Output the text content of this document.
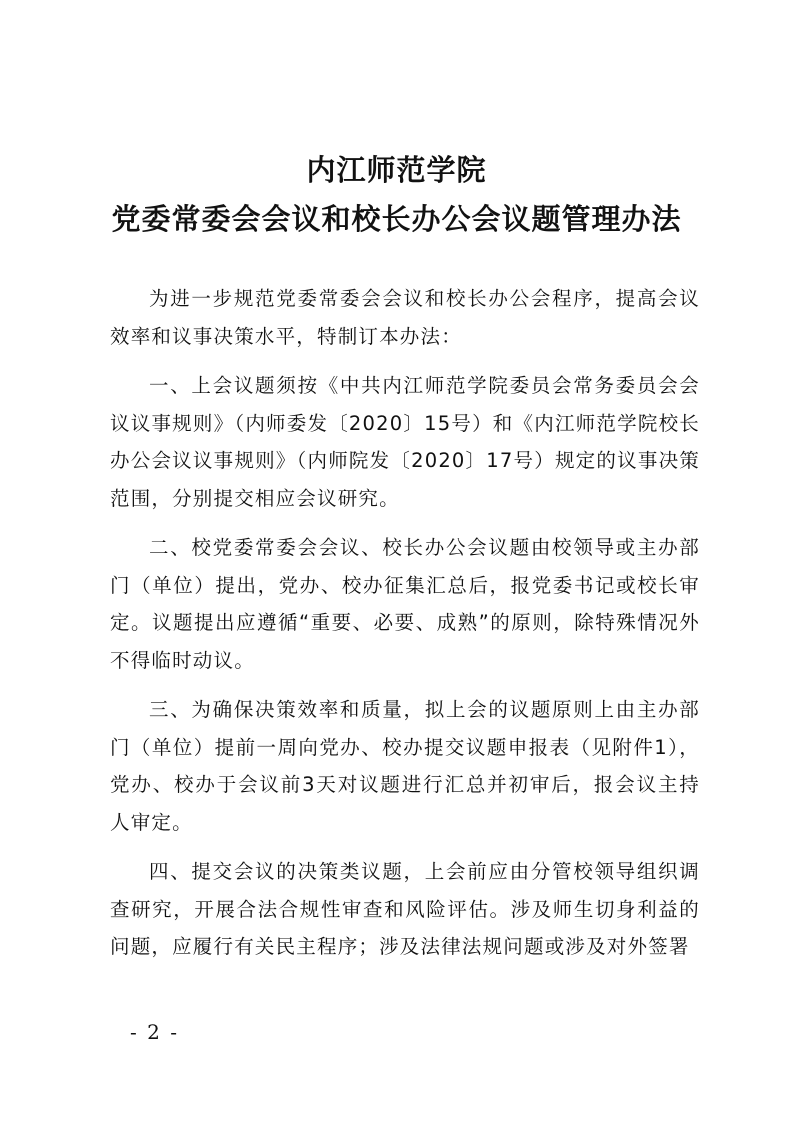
内江师范学院
党委常委会会议和校长办公会议题管理办法

为进一步规范党委常委会会议和校长办公会程序，提高会议效率和议事决策水平，特制订本办法：

一、上会议题须按《中共内江师范学院委员会常务委员会会议议事规则》（内师委发〔2020〕15号）和《内江师范学院校长办公会议议事规则》（内师院发〔2020〕17号）规定的议事决策范围，分别提交相应会议研究。

二、校党委常委会会议、校长办公会议题由校领导或主办部门（单位）提出，党办、校办征集汇总后，报党委书记或校长审定。议题提出应遵循“重要、必要、成熟”的原则，除特殊情况外不得临时动议。

三、为确保决策效率和质量，拟上会的议题原则上由主办部门（单位）提前一周向党办、校办提交议题申报表（见附件1），党办、校办于会议前3天对议题进行汇总并初审后，报会议主持人审定。

四、提交会议的决策类议题，上会前应由分管校领导组织调查研究，开展合法合规性审查和风险评估。涉及师生切身利益的问题，应履行有关民主程序；涉及法律法规问题或涉及对外签署

- 2 -
